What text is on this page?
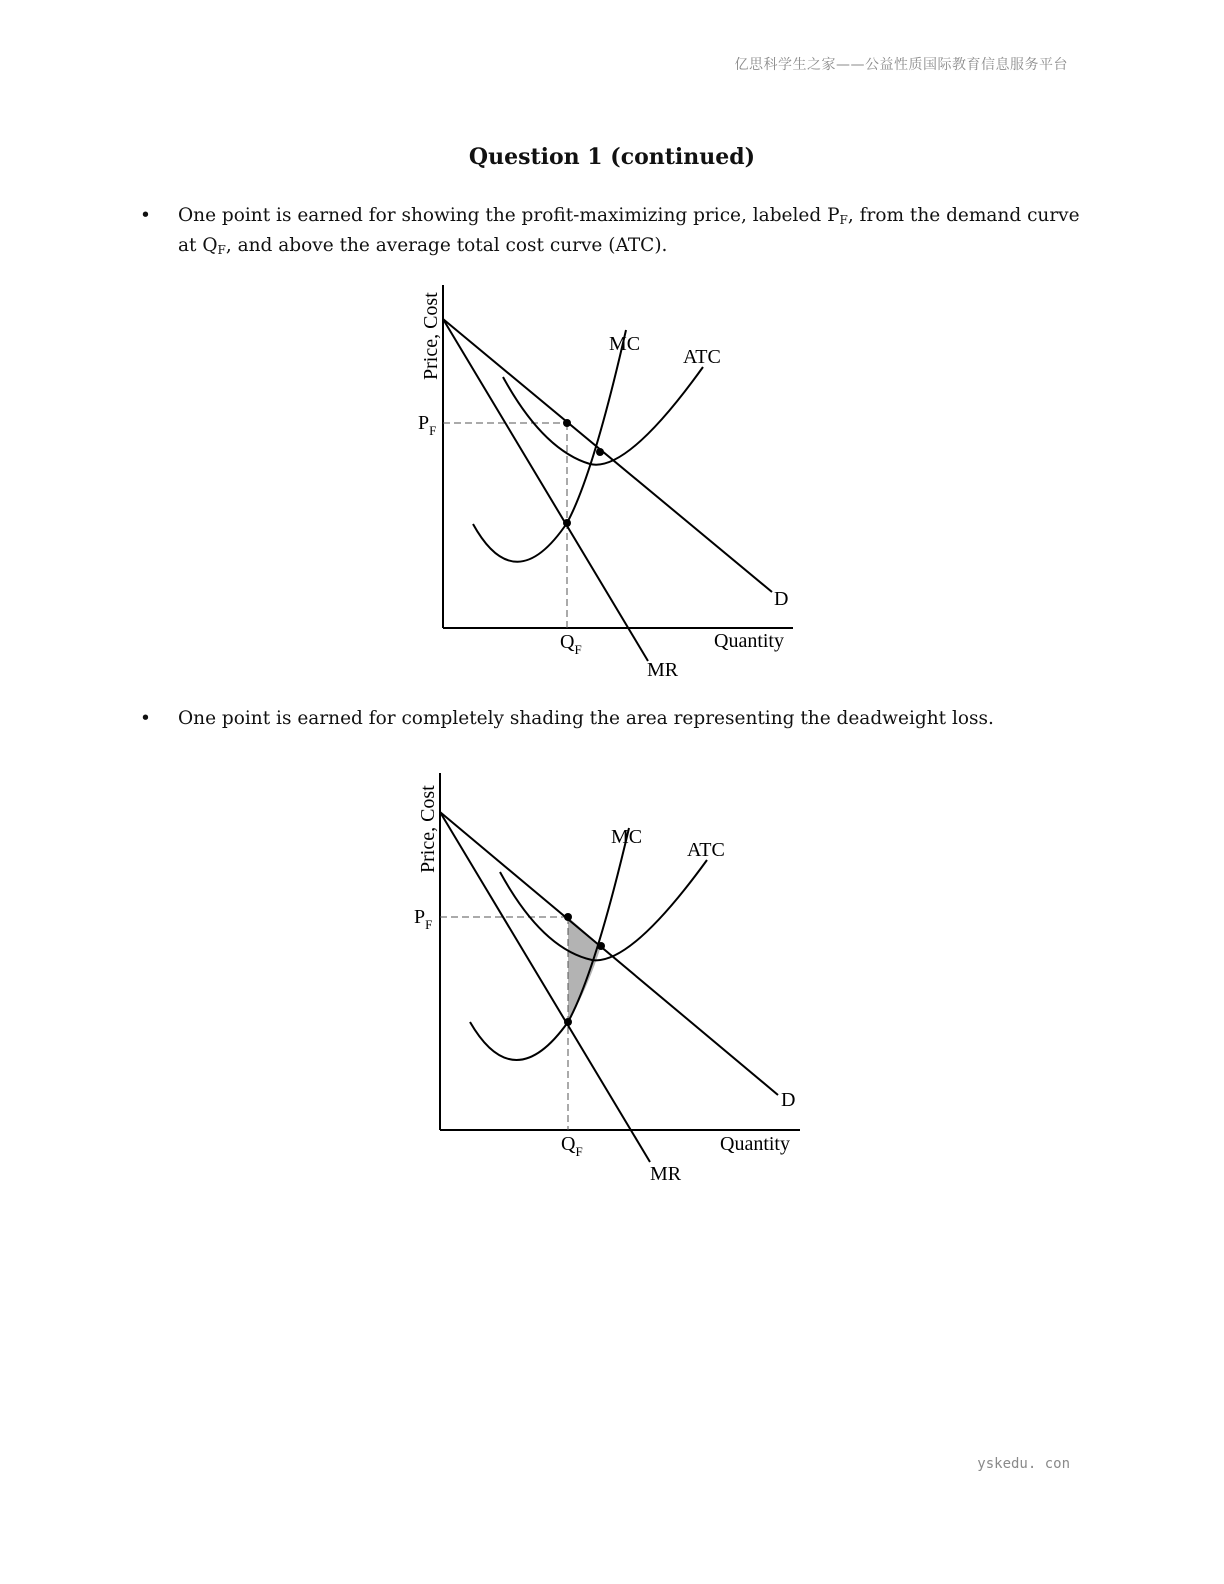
亿思科学生之家——公益性质国际教育信息服务平台
Question 1 (continued)
• One point is earned for showing the profit-maximizing price, labeled $P_F$, from the demand curve at $Q_F$, and above the average total cost curve (ATC).
Price, Cost
Quantity
$P_F$
$Q_F$
MC
ATC
D
MR
• One point is earned for completely shading the area representing the deadweight loss.
Price, Cost
Quantity
$P_F$
$Q_F$
MC
ATC
D
MR
yskedu. con
